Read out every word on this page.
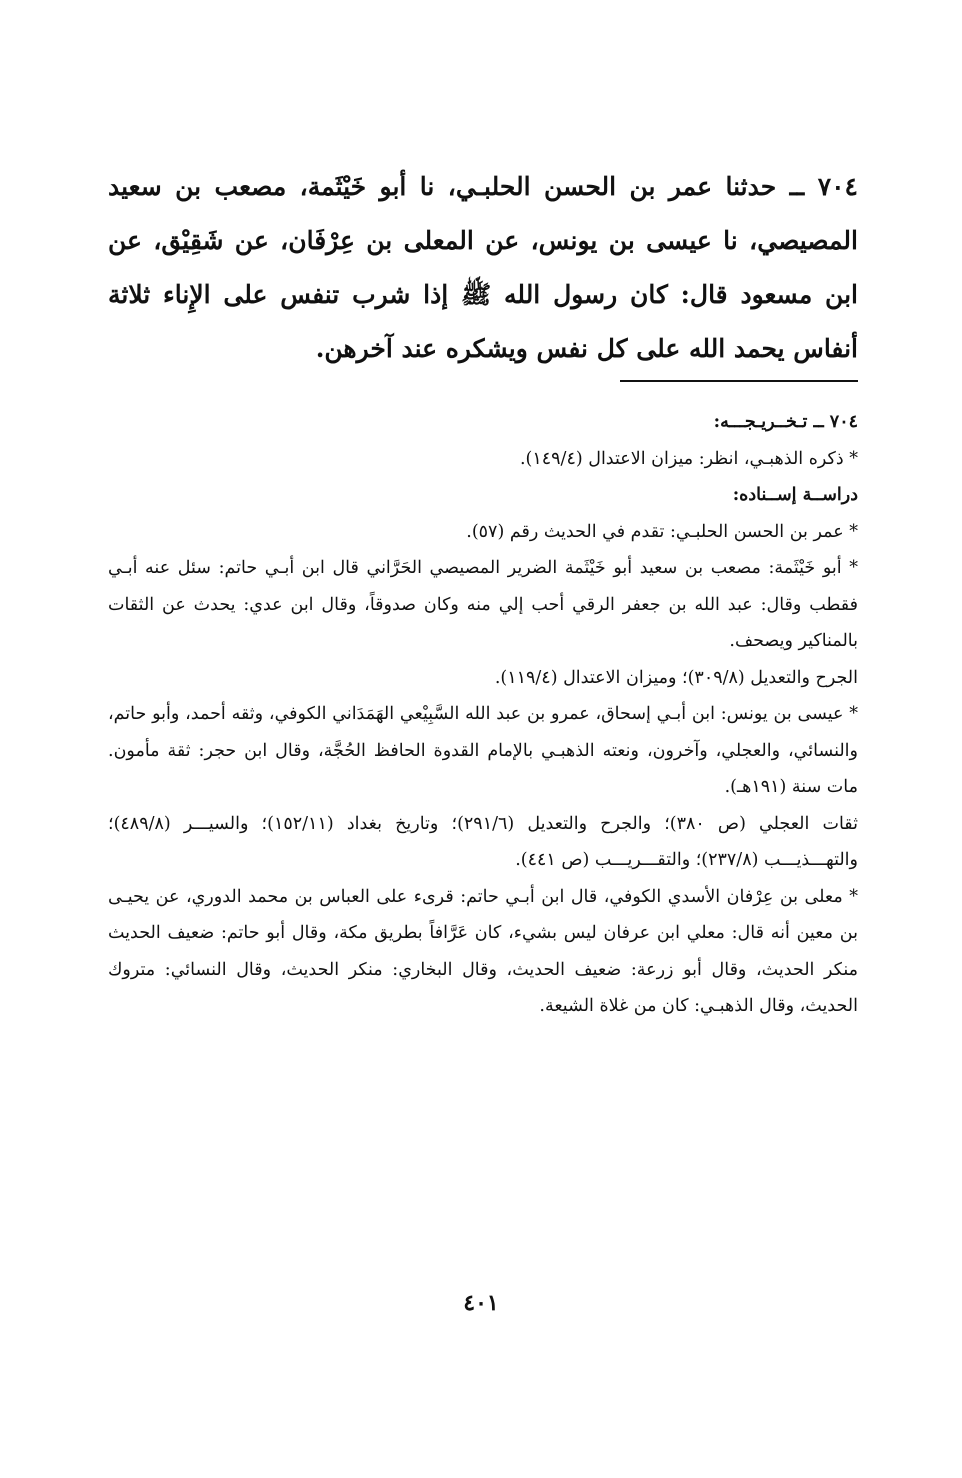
٧٠٤ ــ حدثنا عمر بن الحسن الحلبـي، نا أبو خَيْثَمة، مصعب بن سعيد المصيصي، نا عيسى بن يونس، عن المعلى بن عِرْفَان، عن شَقِيْق، عن ابن مسعود قال: كان رسول الله ﷺ إذا شرب تنفس على الإِناء ثلاثة أنفاس يحمد الله على كل نفس ويشكره عند آخرهن.

٧٠٤ ــ تـخــريـجـــه:

* ذكره الذهبـي، انظر: ميزان الاعتدال (١٤٩/٤).

دراســة إســناده:

* عمر بن الحسن الحلبـي: تقدم في الحديث رقم (٥٧).

* أبو خَيْثَمة: مصعب بن سعيد أبو خَيْثَمة الضرير المصيصي الحَرَّاني قال ابن أبـي حاتم: سئل عنه أبـي فقطب وقال: عبد الله بن جعفر الرقي أحب إلي منه وكان صدوقاً، وقال ابن عدي: يحدث عن الثقات بالمناكير ويصحف.

الجرح والتعديل (٣٠٩/٨)؛ وميزان الاعتدال (١١٩/٤).

* عيسى بن يونس: ابن أبـي إسحاق، عمرو بن عبد الله السَّبِيْعي الهَمَدَاني الكوفي، وثقه أحمد، وأبو حاتم، والنسائي، والعجلي، وآخرون، ونعته الذهبـي بالإمام القدوة الحافظ الحُجَّة، وقال ابن حجر: ثقة مأمون. مات سنة (١٩١هـ).

ثقات العجلي (ص ٣٨٠)؛ والجرح والتعديل (٢٩١/٦)؛ وتاريخ بغداد (١٥٢/١١)؛ والسيـــر (٤٨٩/٨)؛ والتهـــذيـــب (٢٣٧/٨)؛ والتقـــريـــب (ص ٤٤١).

* معلى بن عِرْفان الأسدي الكوفي، قال ابن أبـي حاتم: قرىء على العباس بن محمد الدوري، عن يحيـى بن معين أنه قال: معلي ابن عرفان ليس بشيء، كان عَرَّافاً بطريق مكة، وقال أبو حاتم: ضعيف الحديث منكر الحديث، وقال أبو زرعة: ضعيف الحديث، وقال البخاري: منكر الحديث، وقال النسائي: متروك الحديث، وقال الذهبـي: كان من غلاة الشيعة.

٤٠١
